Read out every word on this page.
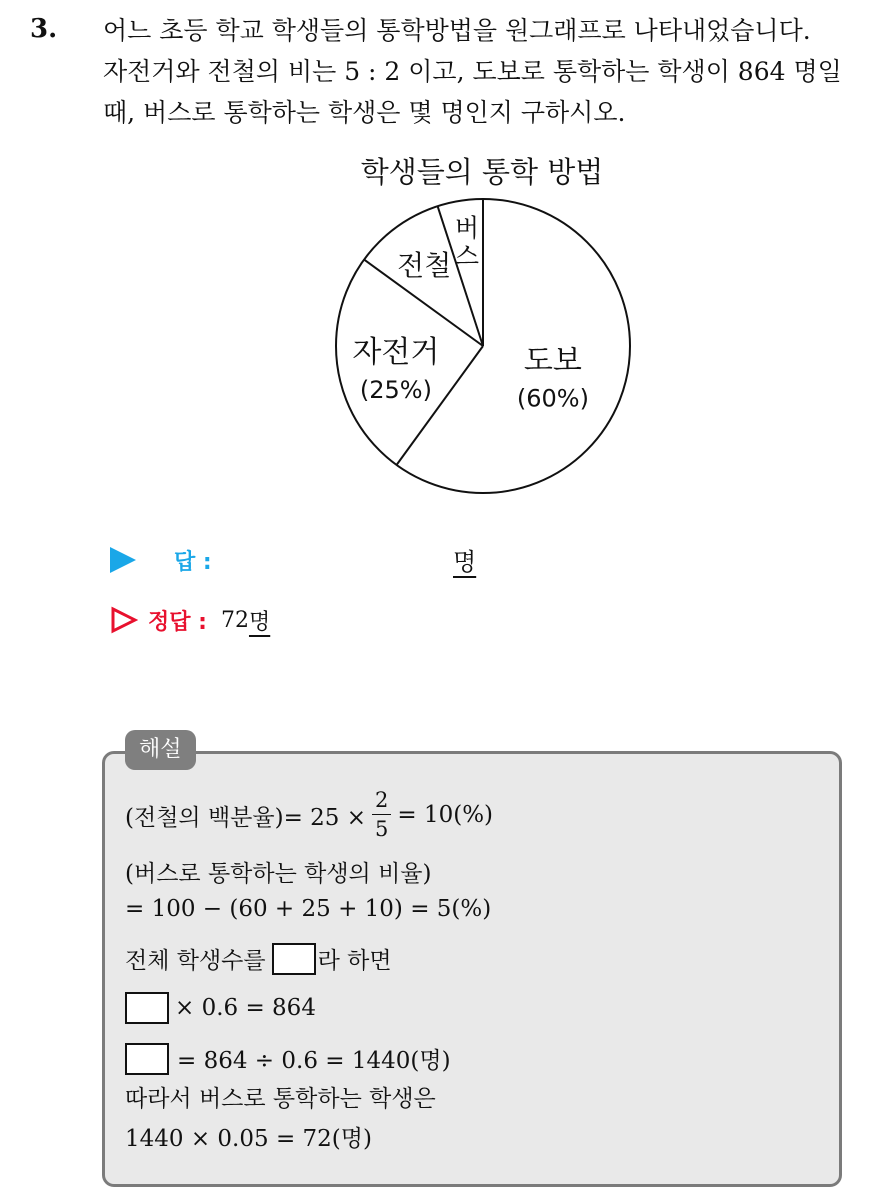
3. 어느 초등 학교 학생들의 통학방법을 원그래프로 나타내었습니다.
자전거와 전철의 비는 5 : 2 이고, 도보로 통학하는 학생이 864 명일
때, 버스로 통학하는 학생은 몇 명인지 구하시오.
학생들의 통학 방법
도보
(60%)
자전거
(25%)
전철
버
스
답 :	명
정답 : 72 명
해설
(전철의 백분율)= $25 \times \frac{2}{5} = 10(\%)$
(버스로 통학하는 학생의 비율)
= 100 − (60 + 25 + 10) = 5(%)
전체 학생수를 라 하면
× 0.6 = 864
= 864 ÷ 0.6 = 1440(명)
따라서 버스로 통학하는 학생은
1440 × 0.05 = 72(명)
